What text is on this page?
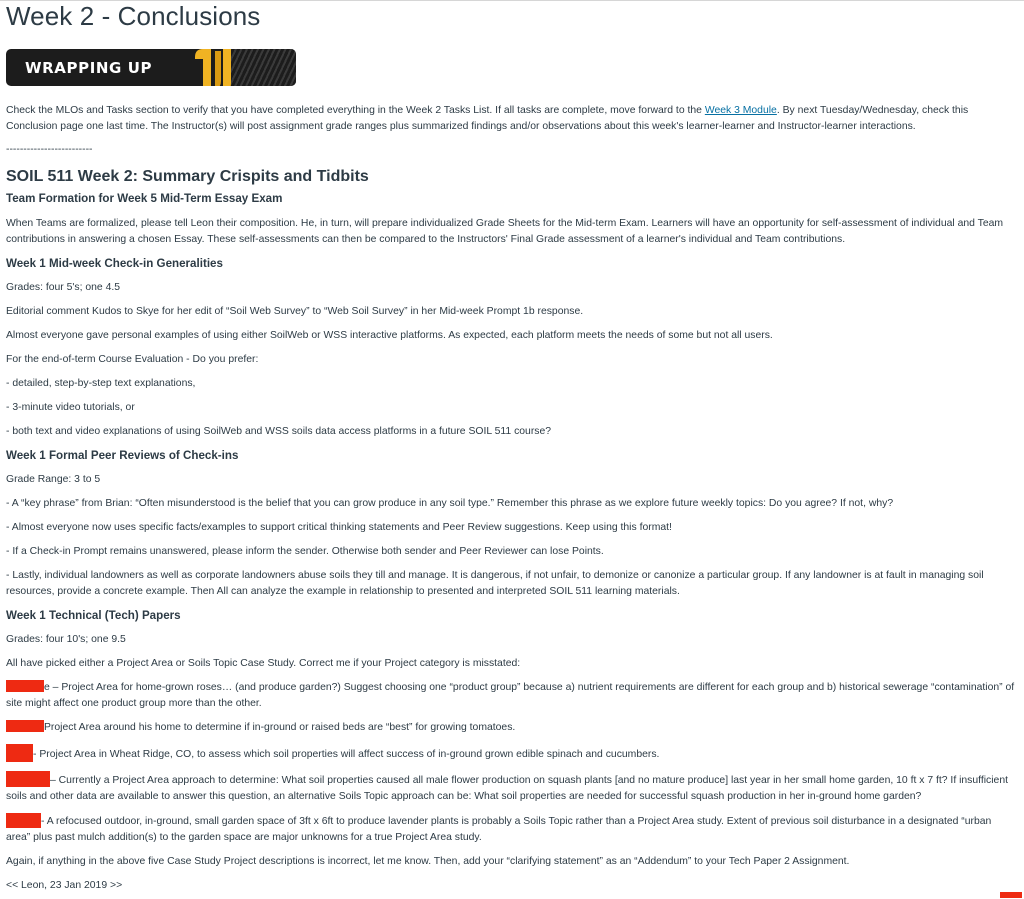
Week 2 - Conclusions
WRAPPING UP

Check the MLOs and Tasks section to verify that you have completed everything in the Week 2 Tasks List. If all tasks are complete, move forward to the Week 3 Module. By next Tuesday/Wednesday, check this Conclusion page one last time. The Instructor(s) will post assignment grade ranges plus summarized findings and/or observations about this week's learner-learner and Instructor-learner interactions.

-------------------------

SOIL 511 Week 2: Summary Crispits and Tidbits
Team Formation for Week 5 Mid-Term Essay Exam

When Teams are formalized, please tell Leon their composition. He, in turn, will prepare individualized Grade Sheets for the Mid-term Exam. Learners will have an opportunity for self-assessment of individual and Team contributions in answering a chosen Essay. These self-assessments can then be compared to the Instructors' Final Grade assessment of a learner's individual and Team contributions.

Week 1 Mid-week Check-in Generalities

Grades: four 5's; one 4.5

Editorial comment Kudos to Skye for her edit of “Soil Web Survey” to “Web Soil Survey” in her Mid-week Prompt 1b response.

Almost everyone gave personal examples of using either SoilWeb or WSS interactive platforms. As expected, each platform meets the needs of some but not all users.

For the end-of-term Course Evaluation - Do you prefer:

- detailed, step-by-step text explanations,

- 3-minute video tutorials, or

- both text and video explanations of using SoilWeb and WSS soils data access platforms in a future SOIL 511 course?

Week 1 Formal Peer Reviews of Check-ins

Grade Range: 3 to 5

- A “key phrase” from Brian: “Often misunderstood is the belief that you can grow produce in any soil type.” Remember this phrase as we explore future weekly topics: Do you agree? If not, why?

- Almost everyone now uses specific facts/examples to support critical thinking statements and Peer Review suggestions. Keep using this format!

- If a Check-in Prompt remains unanswered, please inform the sender. Otherwise both sender and Peer Reviewer can lose Points.

- Lastly, individual landowners as well as corporate landowners abuse soils they till and manage. It is dangerous, if not unfair, to demonize or canonize a particular group. If any landowner is at fault in managing soil resources, provide a concrete example. Then All can analyze the example in relationship to presented and interpreted SOIL 511 learning materials.

Week 1 Technical (Tech) Papers

Grades: four 10's; one 9.5

All have picked either a Project Area or Soils Topic Case Study. Correct me if your Project category is misstated:

e – Project Area for home-grown roses… (and produce garden?) Suggest choosing one “product group” because a) nutrient requirements are different for each group and b) historical sewerage “contamination” of site might affect one product group more than the other.

Project Area around his home to determine if in-ground or raised beds are “best” for growing tomatoes.

- Project Area in Wheat Ridge, CO, to assess which soil properties will affect success of in-ground grown edible spinach and cucumbers.

– Currently a Project Area approach to determine: What soil properties caused all male flower production on squash plants [and no mature produce] last year in her small home garden, 10 ft x 7 ft? If insufficient soils and other data are available to answer this question, an alternative Soils Topic approach can be: What soil properties are needed for successful squash production in her in-ground home garden?

- A refocused outdoor, in-ground, small garden space of 3ft x 6ft to produce lavender plants is probably a Soils Topic rather than a Project Area study. Extent of previous soil disturbance in a designated “urban area” plus past mulch addition(s) to the garden space are major unknowns for a true Project Area study.

Again, if anything in the above five Case Study Project descriptions is incorrect, let me know. Then, add your “clarifying statement” as an “Addendum” to your Tech Paper 2 Assignment.

<< Leon, 23 Jan 2019 >>
